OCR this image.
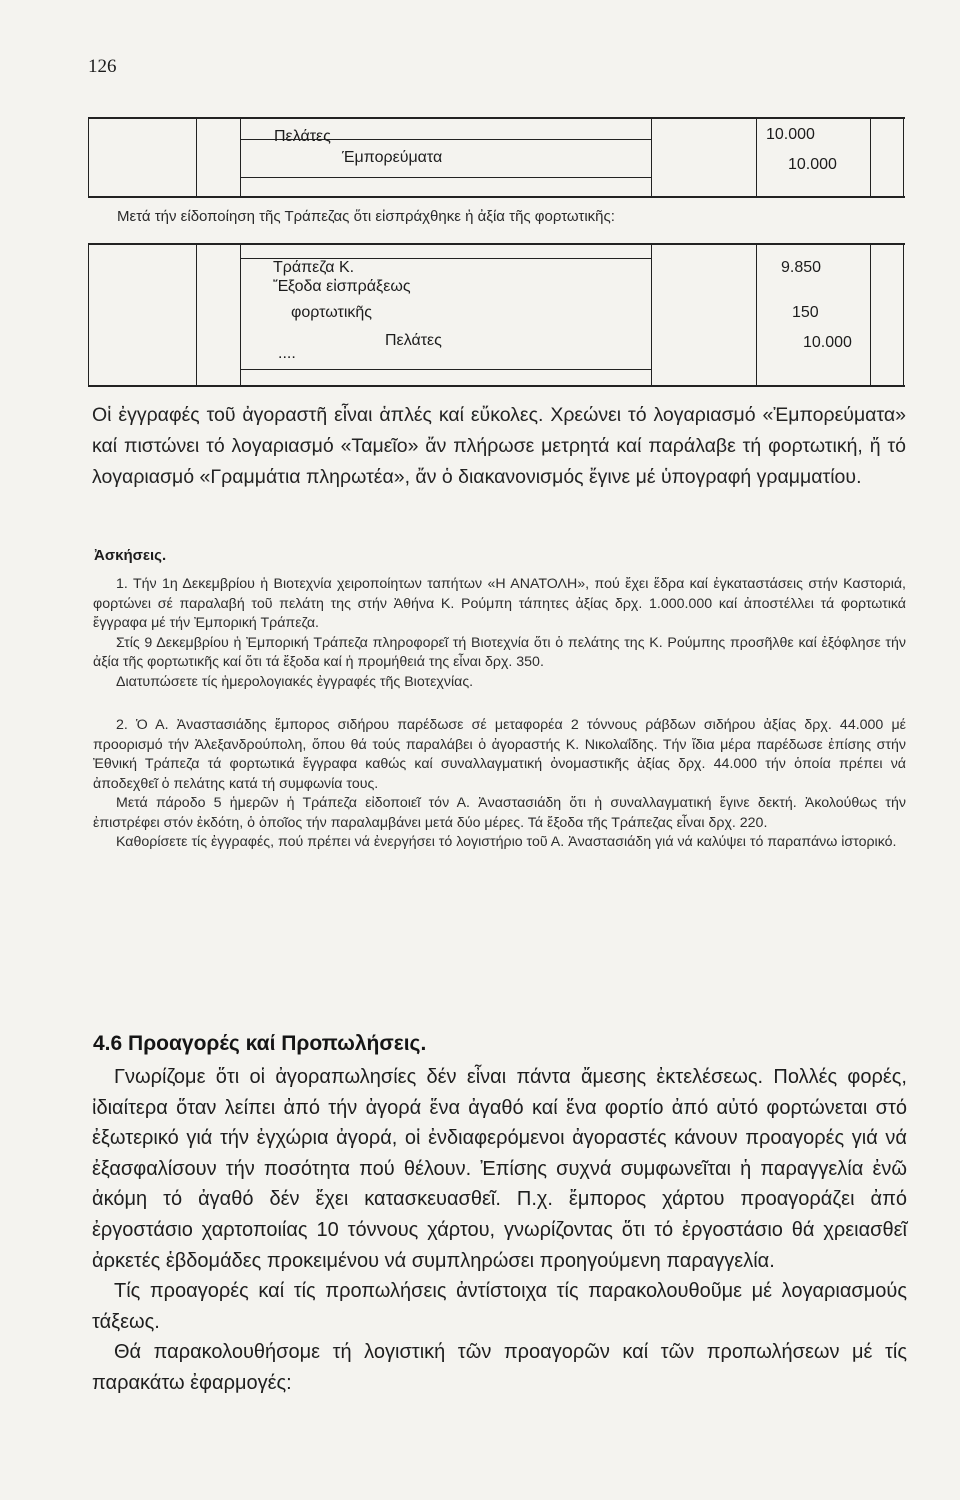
126
Πελάτες	10.000
Έμπορεύματα	10.000
Μετά τήν είδοποίηση τῆς Τράπεζας ὅτι εἰσπράχθηκε ἡ ἀξία τῆς φορτωτικῆς:
Τράπεζα Κ.
Ἔξοδα εἰσπράξεως
φορτωτικῆς
Πελάτες
....
9.850
150
10.000
Οἱ ἐγγραφές τοῦ ἀγοραστῆ εἶναι ἁπλές καί εὔκολες. Χρεώνει τό λογαριασμό «Ἐμπορεύματα» καί πιστώνει τό λογαριασμό «Ταμεῖο» ἄν πλήρωσε μετρητά καί παράλαβε τή φορτωτική, ἤ τό λογαριασμό «Γραμμάτια πληρωτέα», ἄν ὁ διακανονισμός ἔγινε μέ ὑπογραφή γραμματίου.
Ἀσκήσεις.

1. Τήν 1η Δεκεμβρίου ἡ Βιοτεχνία χειροποίητων ταπήτων «Η ΑΝΑΤΟΛΗ», πού ἔχει ἕδρα καί ἐγκαταστάσεις στήν Καστοριά, φορτώνει σέ παραλαβή τοῦ πελάτη της στήν Ἀθήνα Κ. Ρούμπη τάπητες ἀξίας δρχ. 1.000.000 καί ἀποστέλλει τά φορτωτικά ἔγγραφα μέ τήν Ἐμπορική Τράπεζα.

Στίς 9 Δεκεμβρίου ἡ Ἐμπορική Τράπεζα πληροφορεῖ τή Βιοτεχνία ὅτι ὁ πελάτης της Κ. Ρούμπης προσῆλθε καί ἐξόφλησε τήν ἀξία τῆς φορτωτικῆς καί ὅτι τά ἔξοδα καί ἡ προμήθειά της εἶναι δρχ. 350.

Διατυπώσετε τίς ἡμερολογιακές ἐγγραφές τῆς Βιοτεχνίας.

2. Ὁ Α. Ἀναστασιάδης ἔμπορος σιδήρου παρέδωσε σέ μεταφορέα 2 τόννους ράβδων σιδήρου ἀξίας δρχ. 44.000 μέ προορισμό τήν Ἀλεξανδρούπολη, ὅπου θά τούς παραλάβει ὁ ἀγοραστής Κ. Νικολαΐδης. Τήν ἴδια μέρα παρέδωσε ἐπίσης στήν Ἐθνική Τράπεζα τά φορτωτικά ἔγγραφα καθώς καί συναλλαγματική ὀνομαστικῆς ἀξίας δρχ. 44.000 τήν ὁποία πρέπει νά ἀποδεχθεῖ ὁ πελάτης κατά τή συμφωνία τους.

Μετά πάροδο 5 ἡμερῶν ἡ Τράπεζα εἰδοποιεῖ τόν Α. Ἀναστασιάδη ὅτι ἡ συναλλαγματική ἔγινε δεκτή. Ἀκολούθως τήν ἐπιστρέφει στόν ἐκδότη, ὁ ὁποῖος τήν παραλαμβάνει μετά δύο μέρες. Τά ἔξοδα τῆς Τράπεζας εἶναι δρχ. 220.

Καθορίσετε τίς ἐγγραφές, πού πρέπει νά ἐνεργήσει τό λογιστήριο τοῦ Α. Ἀναστασιάδη γιά νά καλύψει τό παραπάνω ἱστορικό.

4.6 Προαγορές καί Προπωλήσεις.

Γνωρίζομε ὅτι οἱ ἀγοραπωλησίες δέν εἶναι πάντα ἄμεσης ἐκτελέσεως. Πολλές φορές, ἰδιαίτερα ὅταν λείπει ἀπό τήν ἀγορά ἕνα ἀγαθό καί ἕνα φορτίο ἀπό αὐτό φορτώνεται στό ἐξωτερικό γιά τήν ἐγχώρια ἀγορά, οἱ ἐνδιαφερόμενοι ἀγοραστές κάνουν προαγορές γιά νά ἐξασφαλίσουν τήν ποσότητα πού θέλουν. Ἐπίσης συχνά συμφωνεῖται ἡ παραγγελία ἐνῶ ἀκόμη τό ἀγαθό δέν ἔχει κατασκευασθεῖ. Π.χ. ἔμπορος χάρτου προαγοράζει ἀπό ἐργοστάσιο χαρτοποιίας 10 τόννους χάρτου, γνωρίζοντας ὅτι τό ἐργοστάσιο θά χρειασθεῖ ἀρκετές ἑβδομάδες προκειμένου νά συμπληρώσει προηγούμενη παραγγελία.

Τίς προαγορές καί τίς προπωλήσεις ἀντίστοιχα τίς παρακολουθοῦμε μέ λογαριασμούς τάξεως.

Θά παρακολουθήσομε τή λογιστική τῶν προαγορῶν καί τῶν προπωλήσεων μέ τίς παρακάτω ἐφαρμογές:
